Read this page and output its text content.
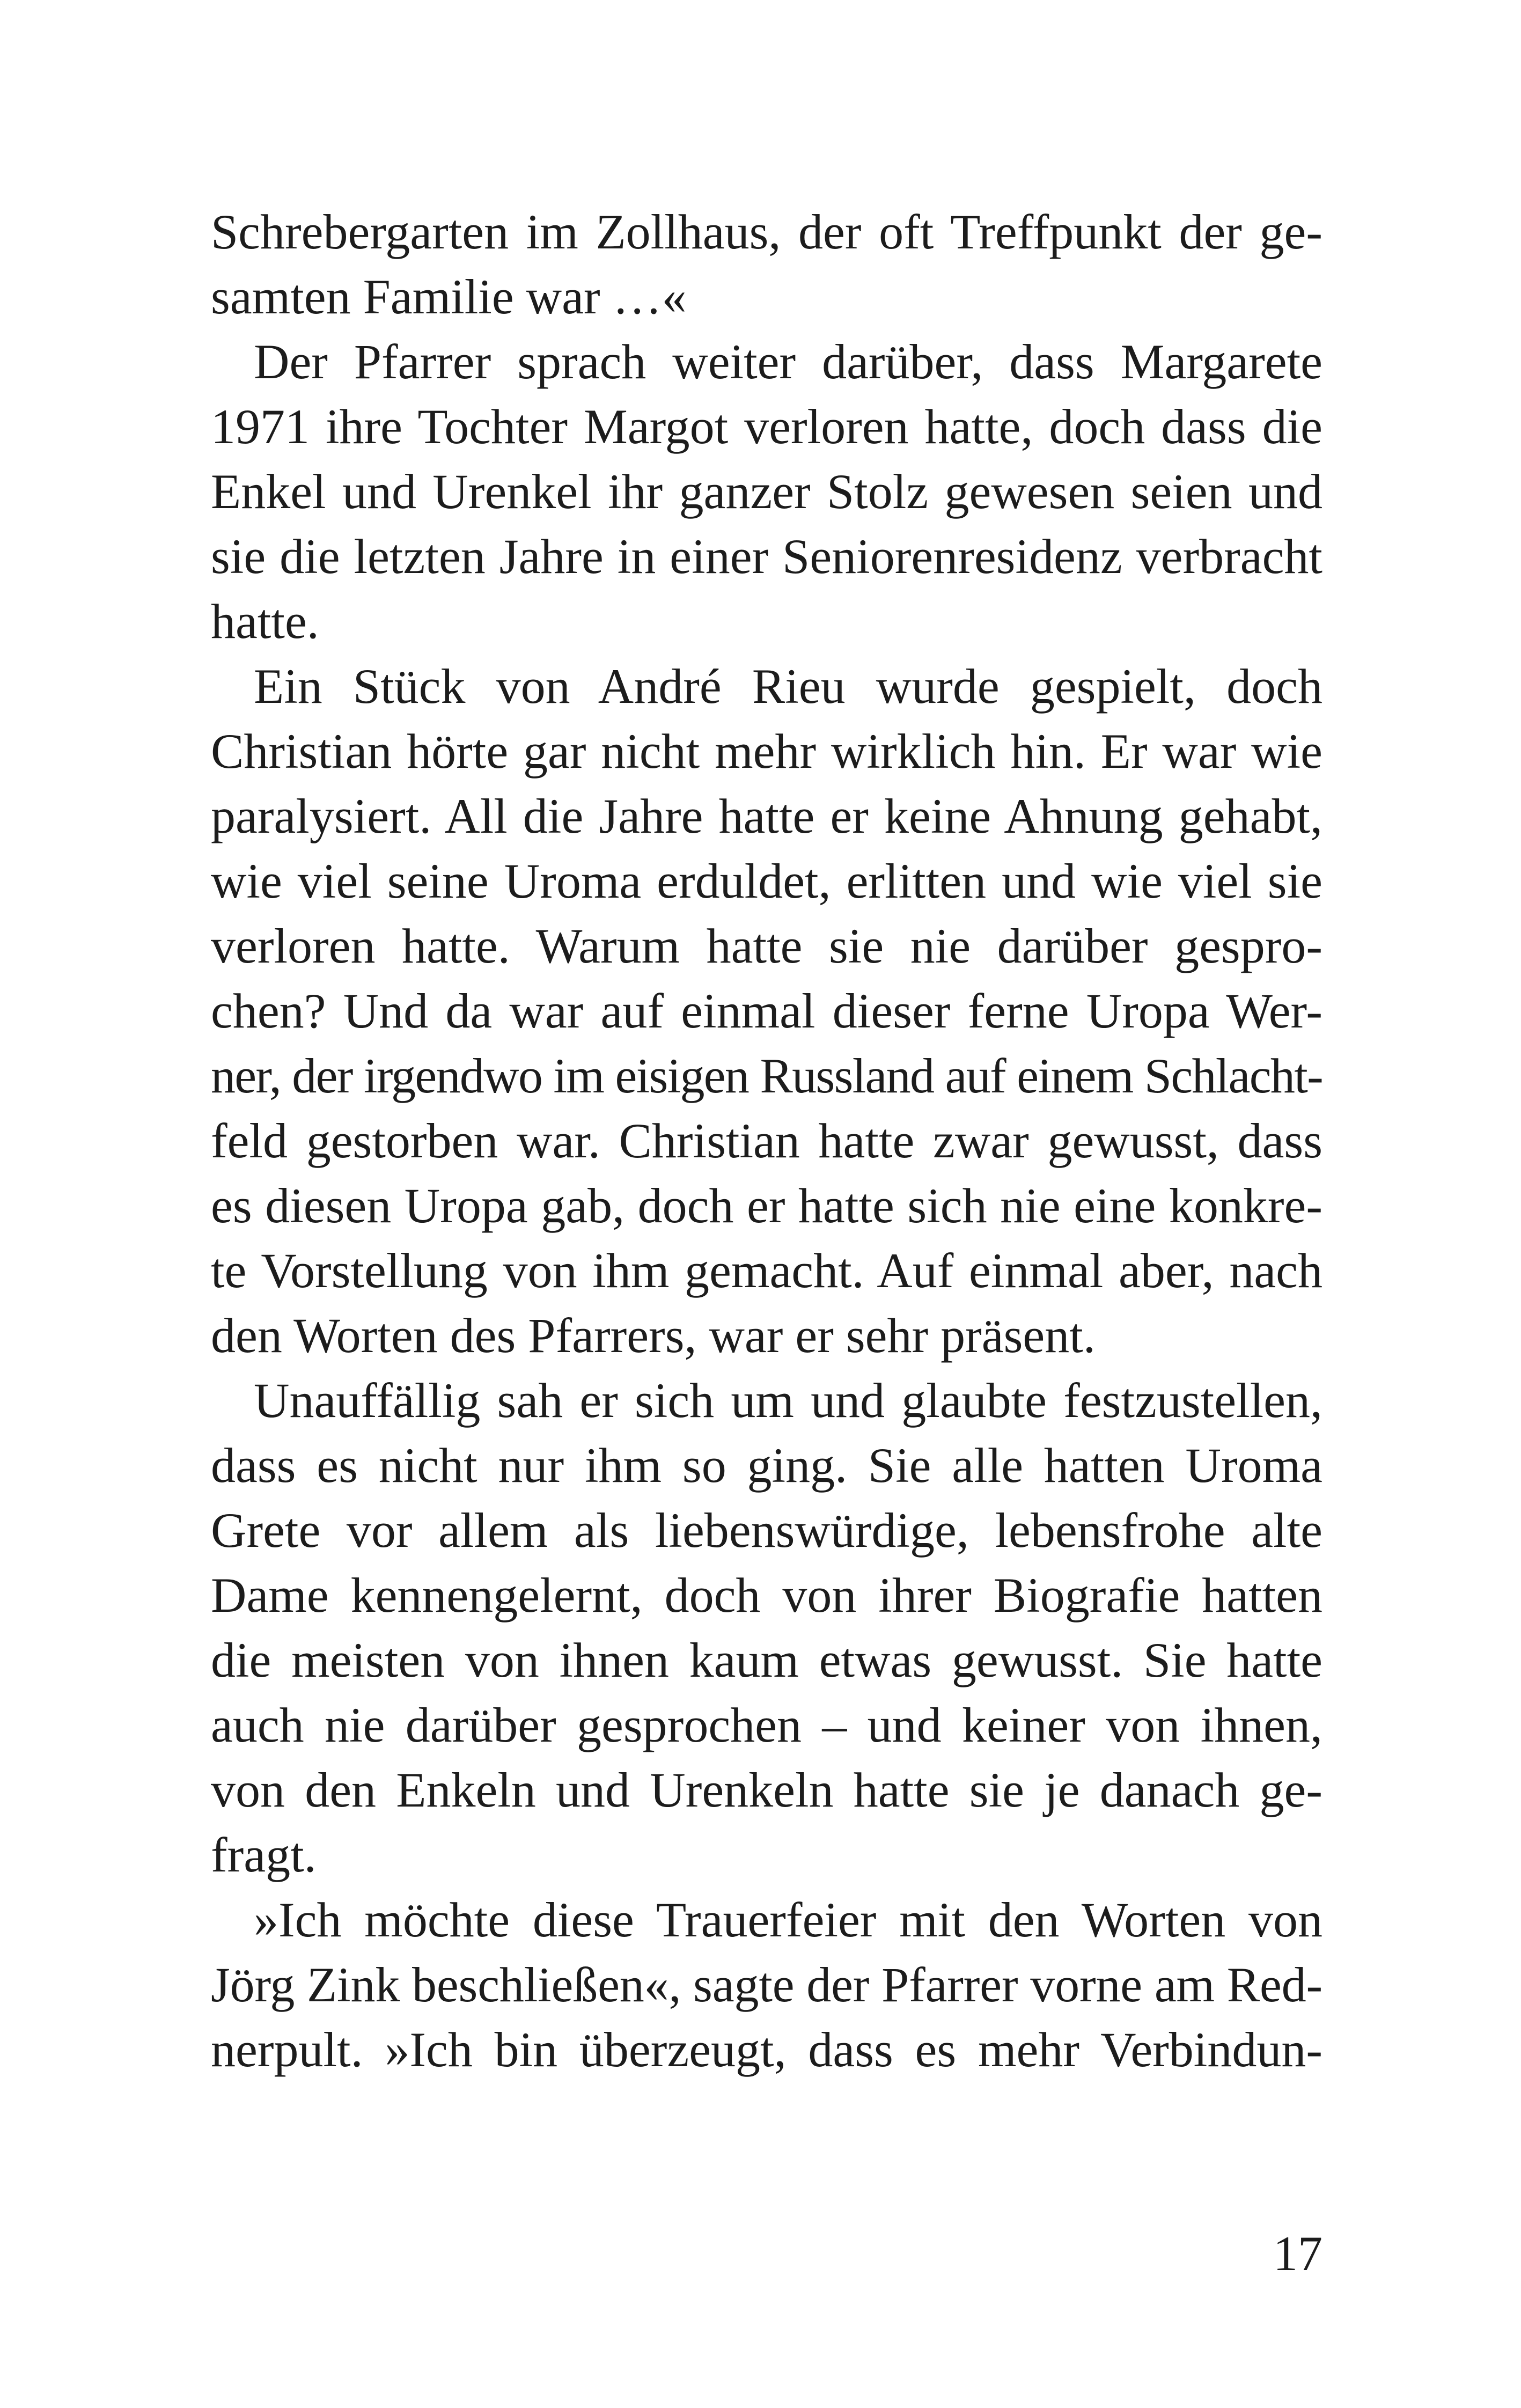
Schrebergarten im Zollhaus, der oft Treffpunkt der ge-
samten Familie war …«
Der Pfarrer sprach weiter darüber, dass Margarete
1971 ihre Tochter Margot verloren hatte, doch dass die
Enkel und Urenkel ihr ganzer Stolz gewesen seien und
sie die letzten Jahre in einer Seniorenresidenz verbracht
hatte.
Ein Stück von André Rieu wurde gespielt, doch
Christian hörte gar nicht mehr wirklich hin. Er war wie
paralysiert. All die Jahre hatte er keine Ahnung gehabt,
wie viel seine Uroma erduldet, erlitten und wie viel sie
verloren hatte. Warum hatte sie nie darüber gespro-
chen? Und da war auf einmal dieser ferne Uropa Wer-
ner, der irgendwo im eisigen Russland auf einem Schlacht-
feld gestorben war. Christian hatte zwar gewusst, dass
es diesen Uropa gab, doch er hatte sich nie eine konkre-
te Vorstellung von ihm gemacht. Auf einmal aber, nach
den Worten des Pfarrers, war er sehr präsent.
Unauffällig sah er sich um und glaubte festzustellen,
dass es nicht nur ihm so ging. Sie alle hatten Uroma
Grete vor allem als liebenswürdige, lebensfrohe alte
Dame kennengelernt, doch von ihrer Biografie hatten
die meisten von ihnen kaum etwas gewusst. Sie hatte
auch nie darüber gesprochen – und keiner von ihnen,
von den Enkeln und Urenkeln hatte sie je danach ge-
fragt.
»Ich möchte diese Trauerfeier mit den Worten von
Jörg Zink beschließen«, sagte der Pfarrer vorne am Red-
nerpult. »Ich bin überzeugt, dass es mehr Verbindun-
17
